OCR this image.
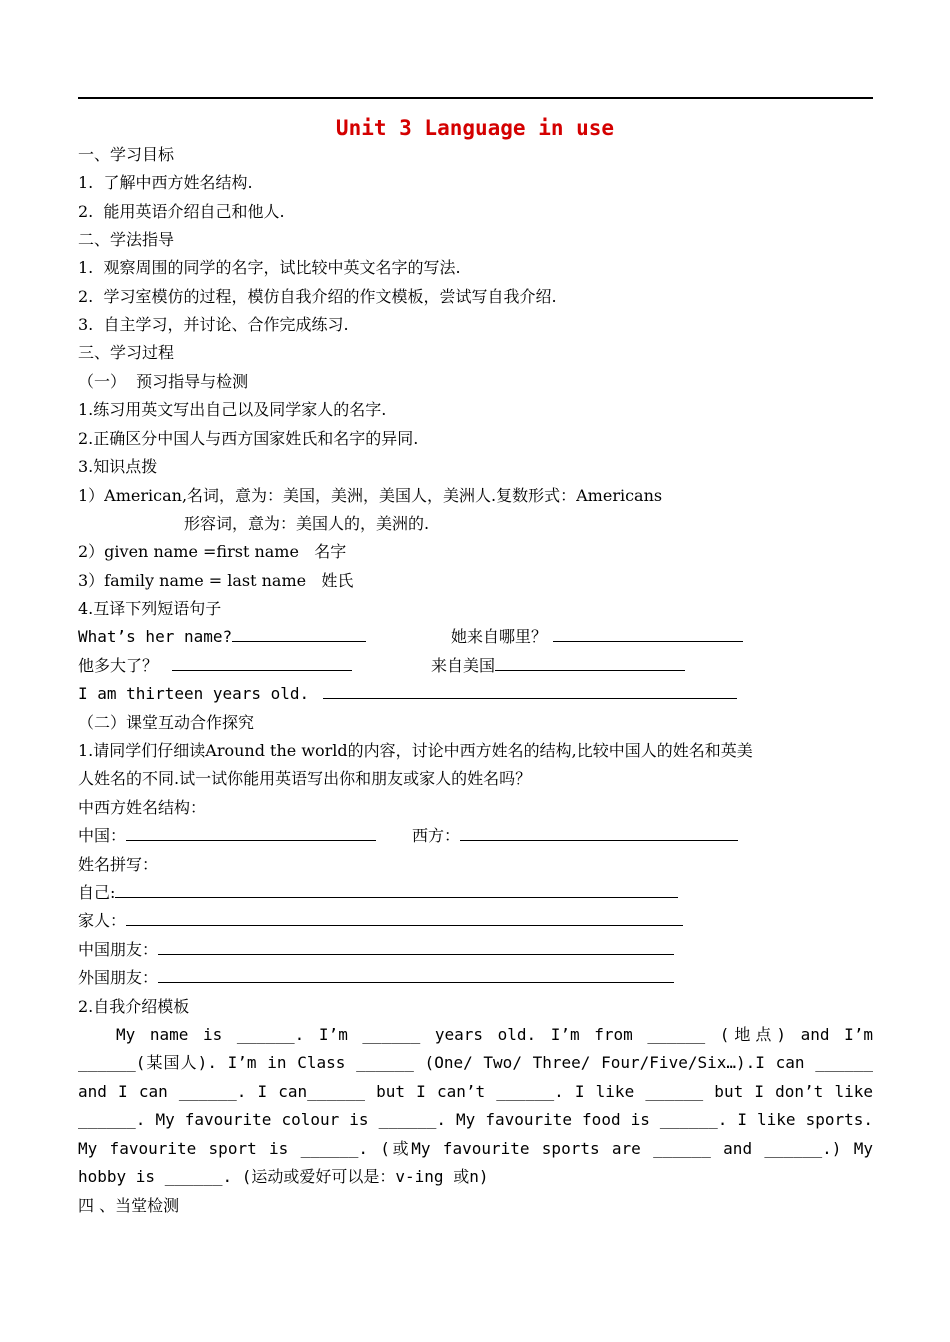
Unit 3 Language in use
一、学习目标
1.  了解中西方姓名结构.
2.  能用英语介绍自己和他人.
二、学法指导
1.  观察周围的同学的名字，试比较中英文名字的写法.
2.  学习室模仿的过程，模仿自我介绍的作文模板，尝试写自我介绍.
3.  自主学习，并讨论、合作完成练习.
三、学习过程
（一）  预习指导与检测
1.练习用英文写出自己以及同学家人的名字.
2.正确区分中国人与西方国家姓氏和名字的异同.
3.知识点拨
1）American,名词，意为：美国，美洲，美国人，美洲人.复数形式：Americans
形容词，意为：美国人的，美洲的.
2）given name =first name   名字
3）family name = last name   姓氏
4.互译下列短语句子
What’s her name?	她来自哪里？
他多大了？	来自美国
I am thirteen years old.
（二）课堂互动合作探究
1.请同学们仔细读Around the world的内容，讨论中西方姓名的结构,比较中国人的姓名和英美
人姓名的不同.试一试你能用英语写出你和朋友或家人的姓名吗？
中西方姓名结构：
中国：	西方：
姓名拼写：
自己:
家人：
中国朋友：
外国朋友：
2.自我介绍模板
My name is ______. I’m ______ years old. I’m from ______ (地点) and I’m ______(某国人). I’m in Class ______ (One/ Two/ Three/ Four/Five/Six…).I can ______ and I can ______. I can______ but I can’t ______. I like ______ but I don’t like ______. My favourite colour is ______. My favourite food is ______. I like sports. My favourite sport is ______. (或My favourite sports are ______ and ______.) My hobby is ______. (运动或爱好可以是：v-ing 或n)
四 、当堂检测
